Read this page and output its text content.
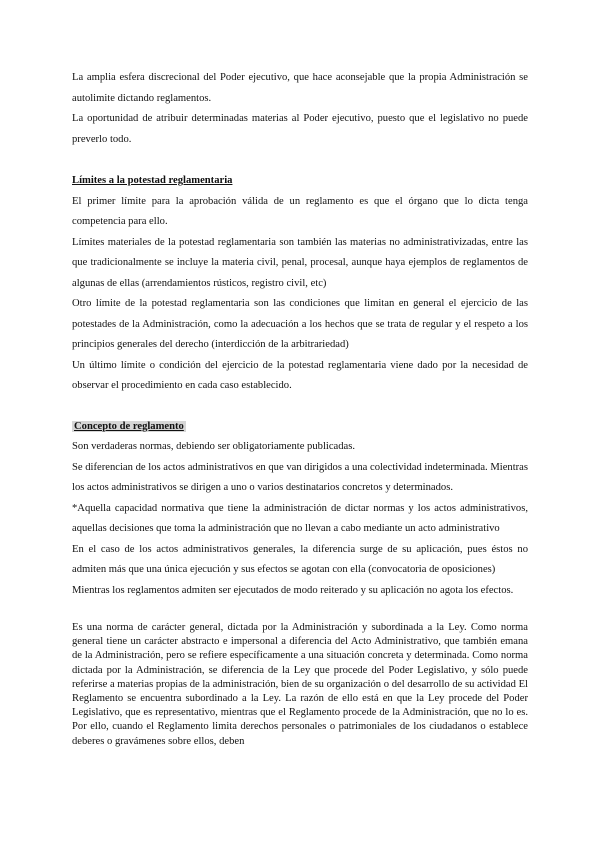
La amplia esfera discrecional del Poder ejecutivo, que hace aconsejable que la propia Administración se autolimite dictando reglamentos.

La oportunidad de atribuir determinadas materias al Poder ejecutivo, puesto que el legislativo no puede preverlo todo.

Límites a la potestad reglamentaria

El primer límite para la aprobación válida de un reglamento es que el órgano que lo dicta tenga competencia para ello.

Límites materiales de la potestad reglamentaria son también las materias no administrativizadas, entre las que tradicionalmente se incluye la materia civil, penal, procesal, aunque haya ejemplos de reglamentos de algunas de ellas (arrendamientos rústicos, registro civil, etc)

Otro límite de la potestad reglamentaria son las condiciones que limitan en general el ejercicio de las potestades de la Administración, como la adecuación a los hechos que se trata de regular y el respeto a los principios generales del derecho (interdicción de la arbitrariedad)

Un último límite o condición del ejercicio de la potestad reglamentaria viene dado por la necesidad de observar el procedimiento en cada caso establecido.

Concepto de reglamento

Son verdaderas normas, debiendo ser obligatoriamente publicadas.

Se diferencian de los actos administrativos en que van dirigidos a una colectividad indeterminada. Mientras los actos administrativos se dirigen a uno o varios destinatarios concretos y determinados.

*Aquella capacidad normativa que tiene la administración de dictar normas y los actos administrativos, aquellas decisiones que toma la administración que no llevan a cabo mediante un acto administrativo

En el caso de los actos administrativos generales, la diferencia surge de su aplicación, pues éstos no admiten más que una única ejecución y sus efectos se agotan con ella (convocatoria de oposiciones)

Mientras los reglamentos admiten ser ejecutados de modo reiterado y su aplicación no agota los efectos.

Es una norma de carácter general, dictada por la Administración y subordinada a la Ley. Como norma general tiene un carácter abstracto e impersonal a diferencia del Acto Administrativo, que también emana de la Administración, pero se refiere específicamente a una situación concreta y determinada. Como norma dictada por la Administración, se diferencia de la Ley que procede del Poder Legislativo, y sólo puede referirse a materias propias de la administración, bien de su organización o del desarrollo de su actividad El Reglamento se encuentra subordinado a la Ley. La razón de ello está en que la Ley procede del Poder Legislativo, que es representativo, mientras que el Reglamento procede de la Administración, que no lo es. Por ello, cuando el Reglamento limita derechos personales o patrimoniales de los ciudadanos o establece deberes o gravámenes sobre ellos, deben
